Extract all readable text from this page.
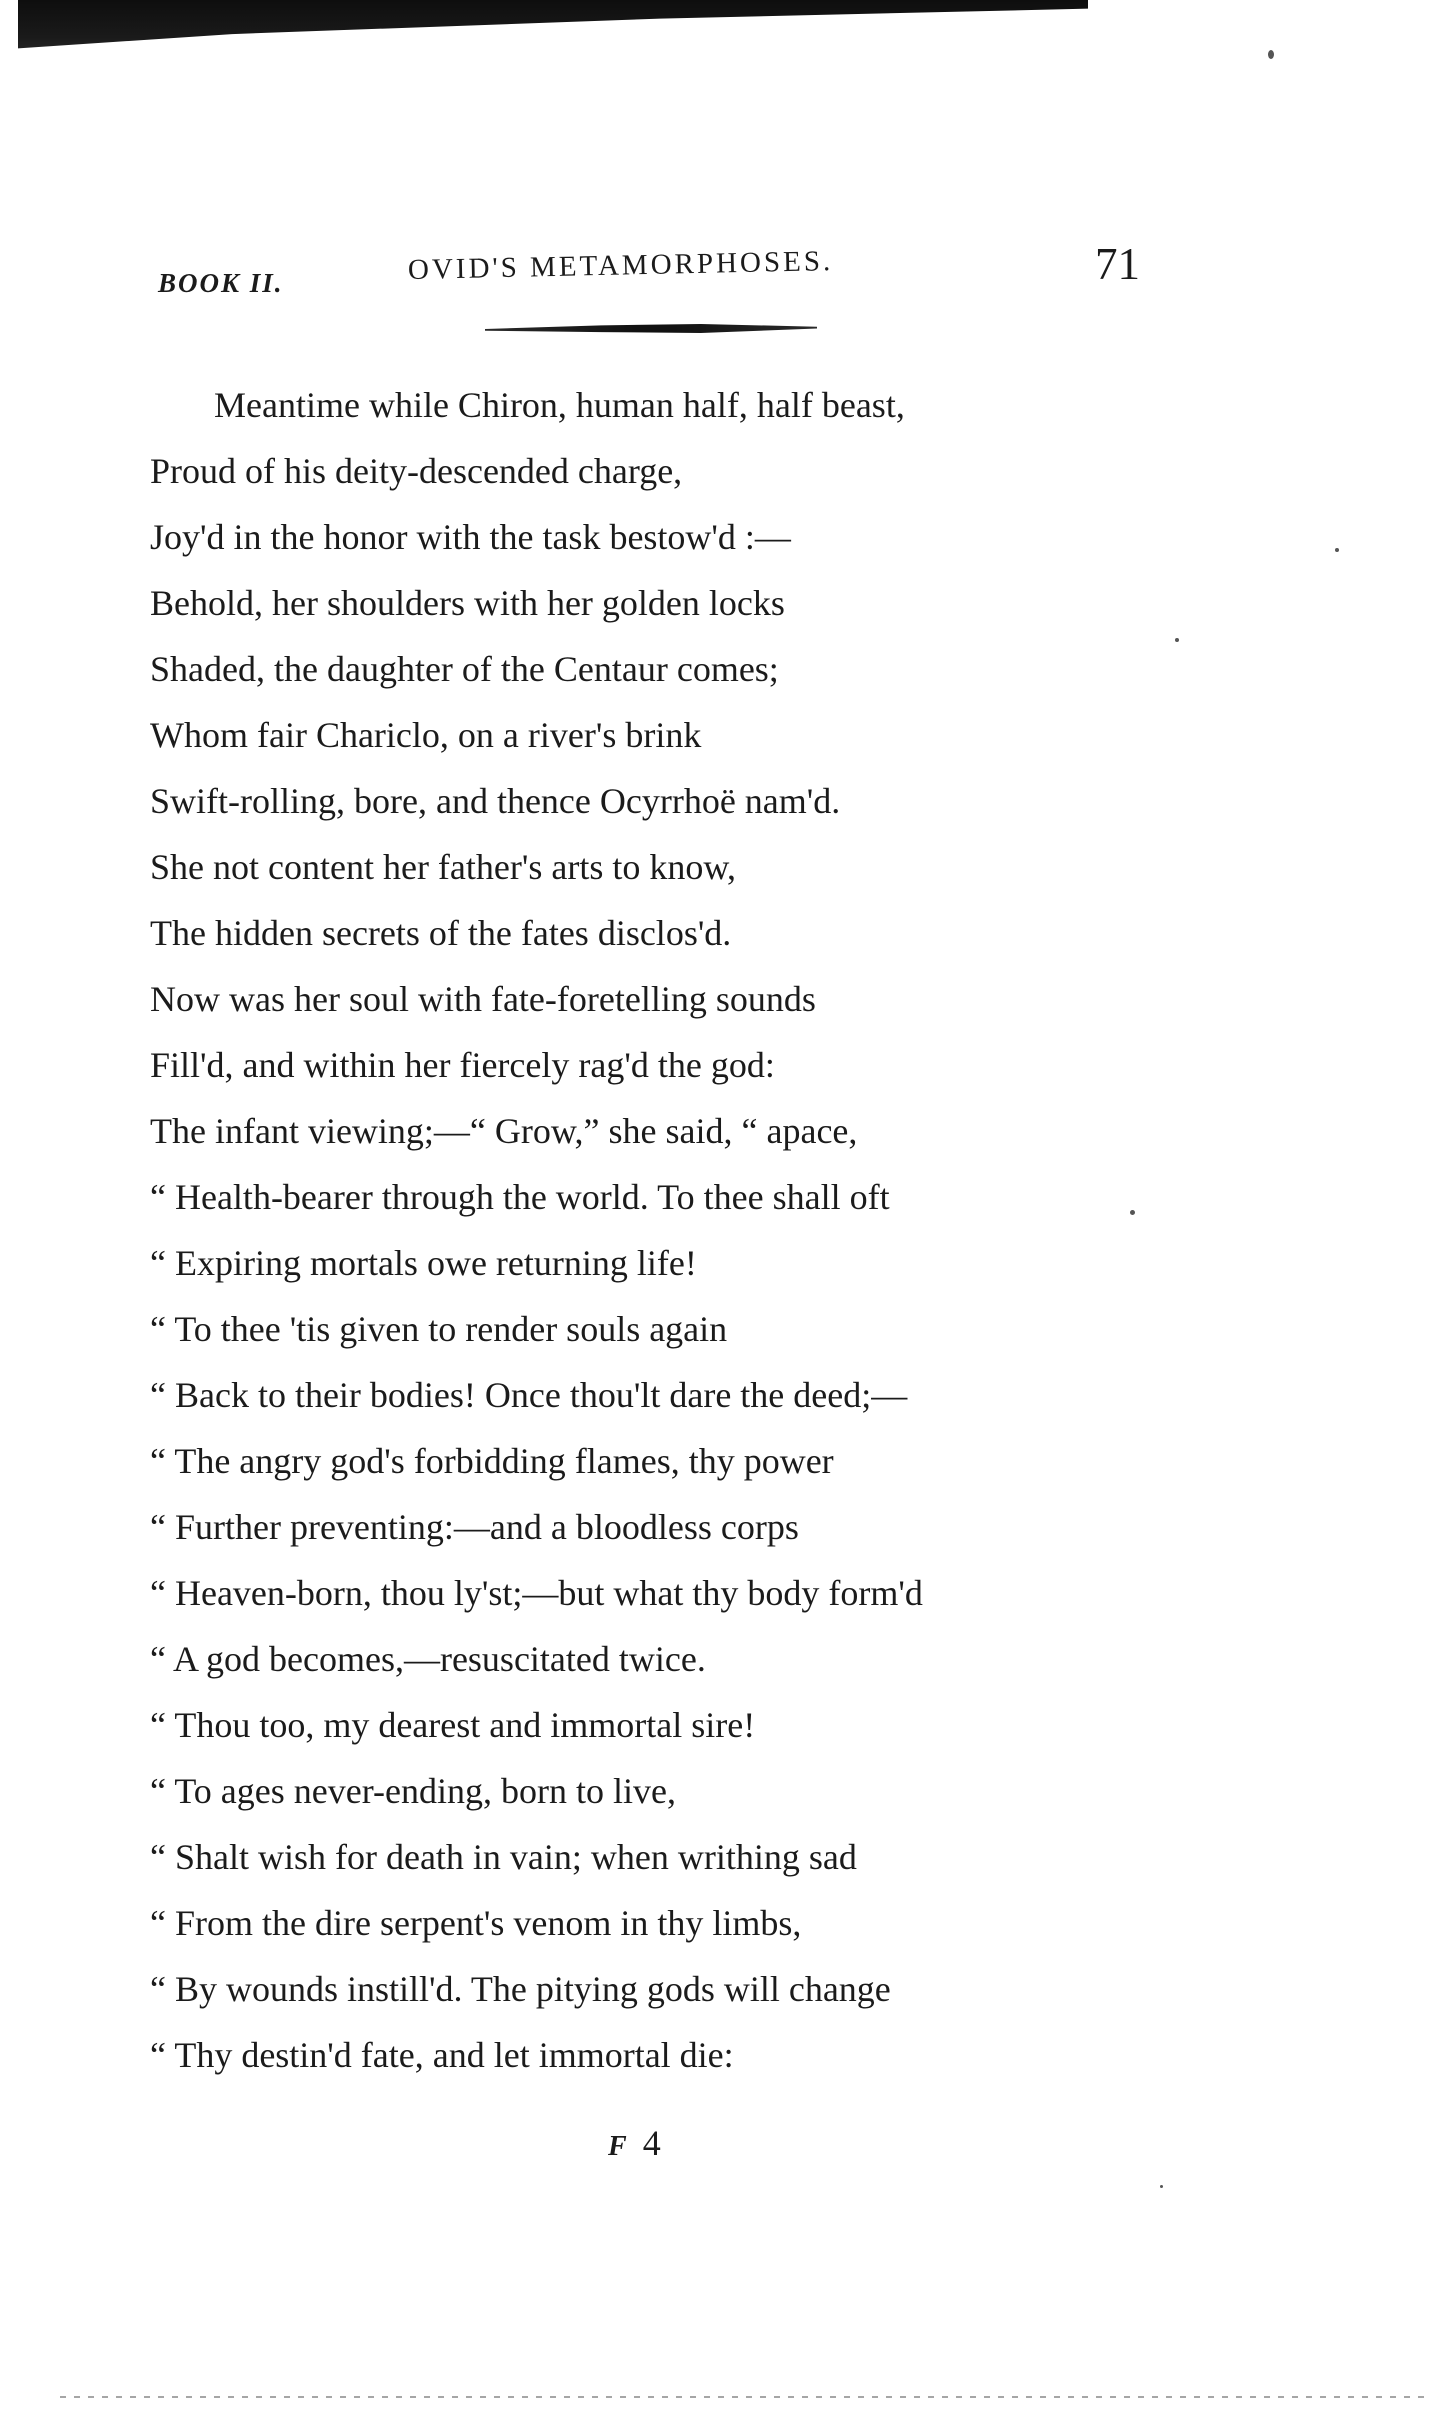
BOOK II.	OVID'S METAMORPHOSES.	71
Meantime while Chiron, human half, half beast,
Proud of his deity-descended charge,
Joy'd in the honor with the task bestow'd :—
Behold, her shoulders with her golden locks
Shaded, the daughter of the Centaur comes;
Whom fair Chariclo, on a river's brink
Swift-rolling, bore, and thence Ocyrrhoë nam'd.
She not content her father's arts to know,
The hidden secrets of the fates disclos'd.
Now was her soul with fate-foretelling sounds
Fill'd, and within her fiercely rag'd the god:
The infant viewing;—“ Grow,” she said, “ apace,
“ Health-bearer through the world. To thee shall oft
“ Expiring mortals owe returning life!
“ To thee 'tis given to render souls again
“ Back to their bodies! Once thou'lt dare the deed;—
“ The angry god's forbidding flames, thy power
“ Further preventing:—and a bloodless corps
“ Heaven-born, thou ly'st;—but what thy body form'd
“ A god becomes,—resuscitated twice.
“ Thou too, my dearest and immortal sire!
“ To ages never-ending, born to live,
“ Shalt wish for death in vain; when writhing sad
“ From the dire serpent's venom in thy limbs,
“ By wounds instill'd. The pitying gods will change
“ Thy destin'd fate, and let immortal die:
F 4
